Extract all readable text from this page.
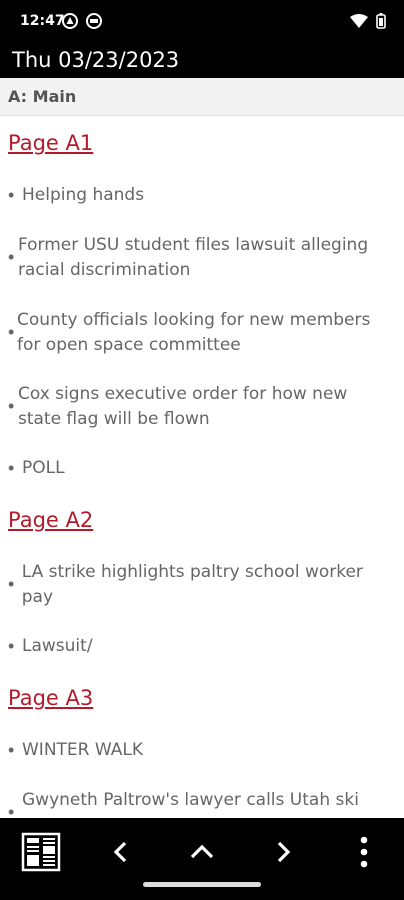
12:47
Thu 03/23/2023
A: Main
Page A1
• Helping hands
•
Former USU student files lawsuit alleging racial discrimination
•
County officials looking for new members for open space committee
•
Cox signs executive order for how new state flag will be flown
• POLL
Page A2
•
LA strike highlights paltry school worker pay
• Lawsuit/
Page A3
• WINTER WALK
•
Gwyneth Paltrow's lawyer calls Utah ski
